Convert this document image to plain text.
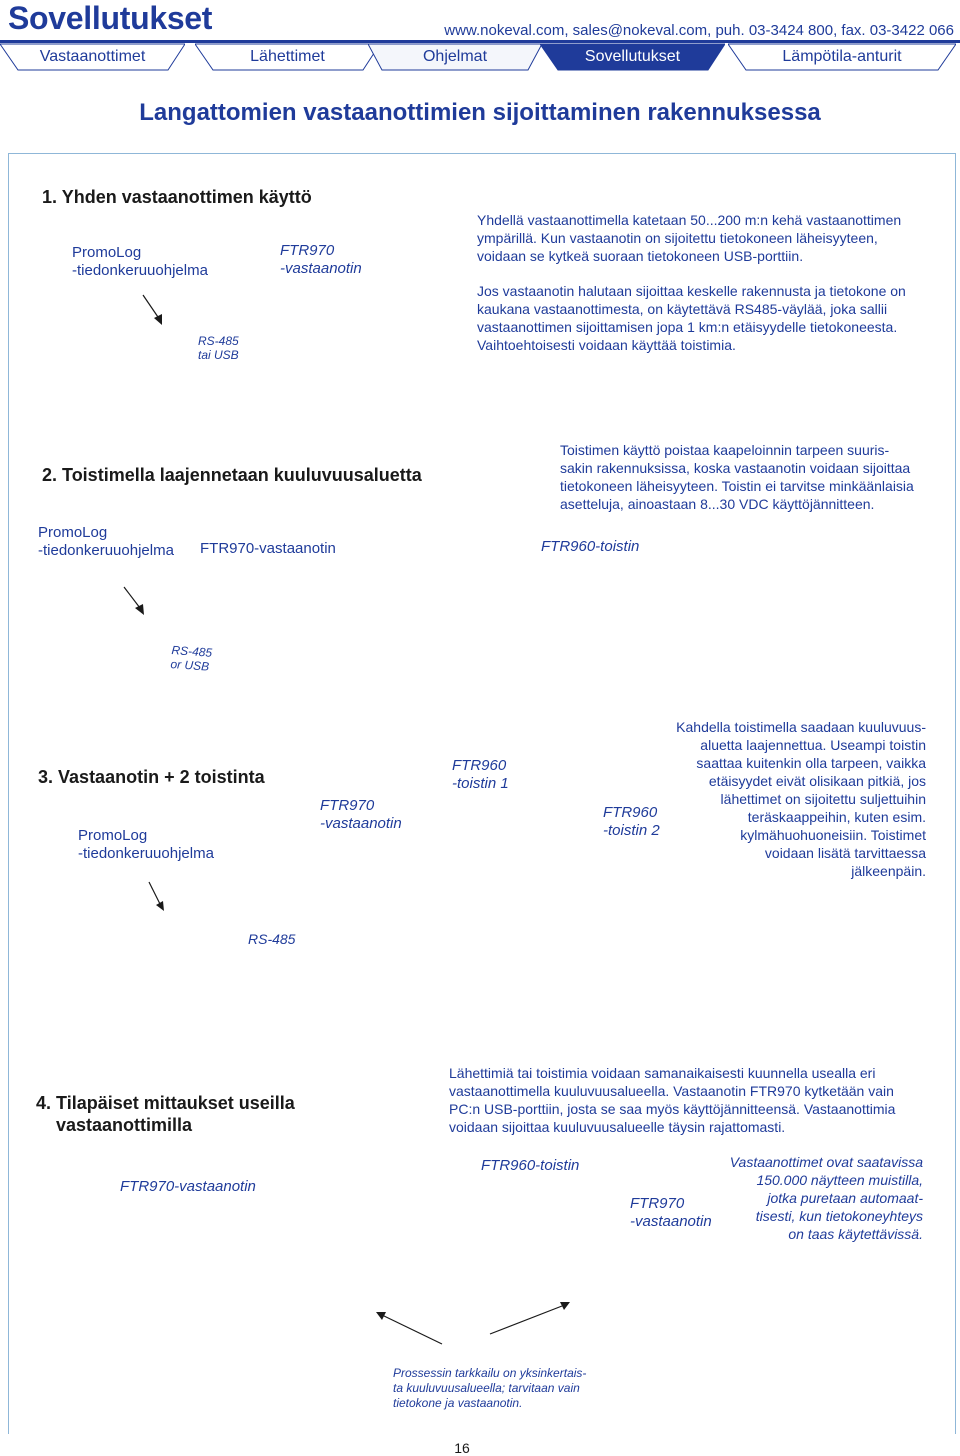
Sovellutukset	www.nokeval.com, sales@nokeval.com, puh. 03-3424 800, fax. 03-3422 066
Vastaanottimet	Lähettimet	Ohjelmat	Sovellutukset	Lämpötila-anturit
Langattomien vastaanottimien sijoittaminen rakennuksessa
1. Yhden vastaanottimen käyttö
PromoLog
-tiedonkeruuohjelma
FTR970
-vastaanotin
RS-485
tai USB
Yhdellä vastaanottimella katetaan 50...200 m:n kehä vastaanottimen
ympärillä. Kun vastaanotin on sijoitettu tietokoneen läheisyyteen,
voidaan se kytkeä suoraan tietokoneen USB-porttiin.
Jos vastaanotin halutaan sijoittaa keskelle rakennusta ja tietokone on
kaukana vastaanottimesta, on käytettävä RS485-väylää, joka sallii
vastaanottimen sijoittamisen jopa 1 km:n etäisyydelle tietokoneesta.
Vaihtoehtoisesti voidaan käyttää toistimia.
2. Toistimella laajennetaan kuuluvuusaluetta
Toistimen käyttö poistaa kaapeloinnin tarpeen suuris-
sakin rakennuksissa, koska vastaanotin voidaan sijoittaa
tietokoneen läheisyyteen. Toistin ei tarvitse minkäänlaisia
asetteluja, ainoastaan 8...30 VDC käyttöjännitteen.
PromoLog
-tiedonkeruuohjelma FTR970-vastaanotin	FTR960-toistin
RS-485
or USB
3. Vastaanotin + 2 toistinta
PromoLog
-tiedonkeruuohjelma
FTR970
-vastaanotin
FTR960
-toistin 1
FTR960
-toistin 2
Kahdella toistimella saadaan kuuluvuus-
aluetta laajennettua. Useampi toistin
saattaa kuitenkin olla tarpeen, vaikka
etäisyydet eivät olisikaan pitkiä, jos
lähettimet on sijoitettu suljettuihin
teräskaappeihin, kuten esim.
kylmähuohuoneisiin. Toistimet
voidaan lisätä tarvittaessa
jälkeenpäin.
RS-485
4. Tilapäiset mittaukset useilla
vastaanottimilla
Lähettimiä tai toistimia voidaan samanaikaisesti kuunnella usealla eri
vastaanottimella kuuluvuusalueella. Vastaanotin FTR970 kytketään vain
PC:n USB-porttiin, josta se saa myös käyttöjännitteensä. Vastaanottimia
voidaan sijoittaa kuuluvuusalueelle täysin rajattomasti.
FTR970-vastaanotin
FTR960-toistin
FTR970
-vastaanotin
Vastaanottimet ovat saatavissa
150.000 näytteen muistilla,
jotka puretaan automaat-
tisesti, kun tietokoneyhteys
on taas käytettävissä.
Prossessin tarkkailu on yksinkertais-
ta kuuluvuusalueella; tarvitaan vain
tietokone ja vastaanotin.
16
